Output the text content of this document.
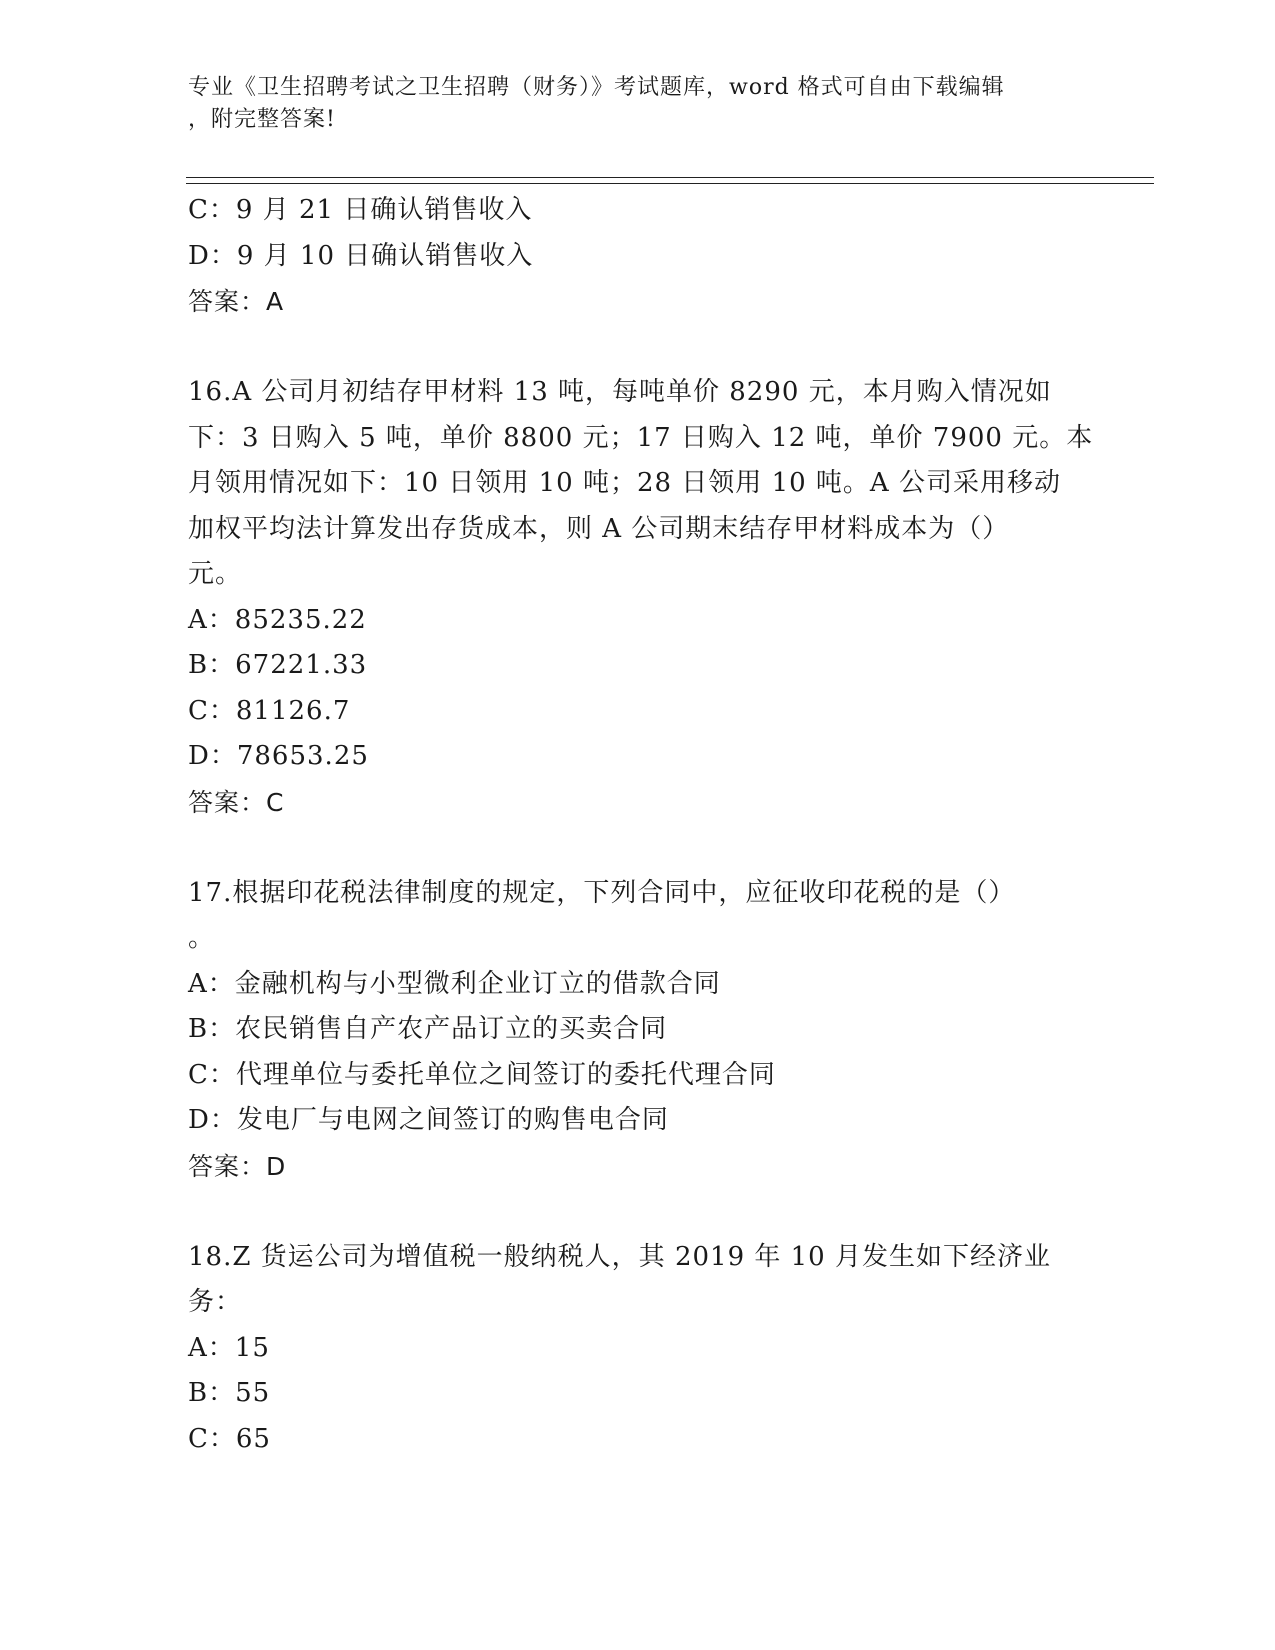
专业《卫生招聘考试之卫生招聘（财务）》考试题库，word 格式可自由下载编辑
，附完整答案!
C：9 月 21 日确认销售收入
D：9 月 10 日确认销售收入
答案：A
16.A 公司月初结存甲材料 13 吨，每吨单价 8290 元，本月购入情况如
下：3 日购入 5 吨，单价 8800 元；17 日购入 12 吨，单价 7900 元。本
月领用情况如下：10 日领用 10 吨；28 日领用 10 吨。A 公司采用移动
加权平均法计算发出存货成本，则 A 公司期末结存甲材料成本为（）
元。
A：85235.22
B：67221.33
C：81126.7
D：78653.25
答案：C
17.根据印花税法律制度的规定，下列合同中，应征收印花税的是（）
。
A：金融机构与小型微利企业订立的借款合同
B：农民销售自产农产品订立的买卖合同
C：代理单位与委托单位之间签订的委托代理合同
D：发电厂与电网之间签订的购售电合同
答案：D
18.Z 货运公司为增值税一般纳税人，其 2019 年 10 月发生如下经济业
务：
A：15
B：55
C：65
